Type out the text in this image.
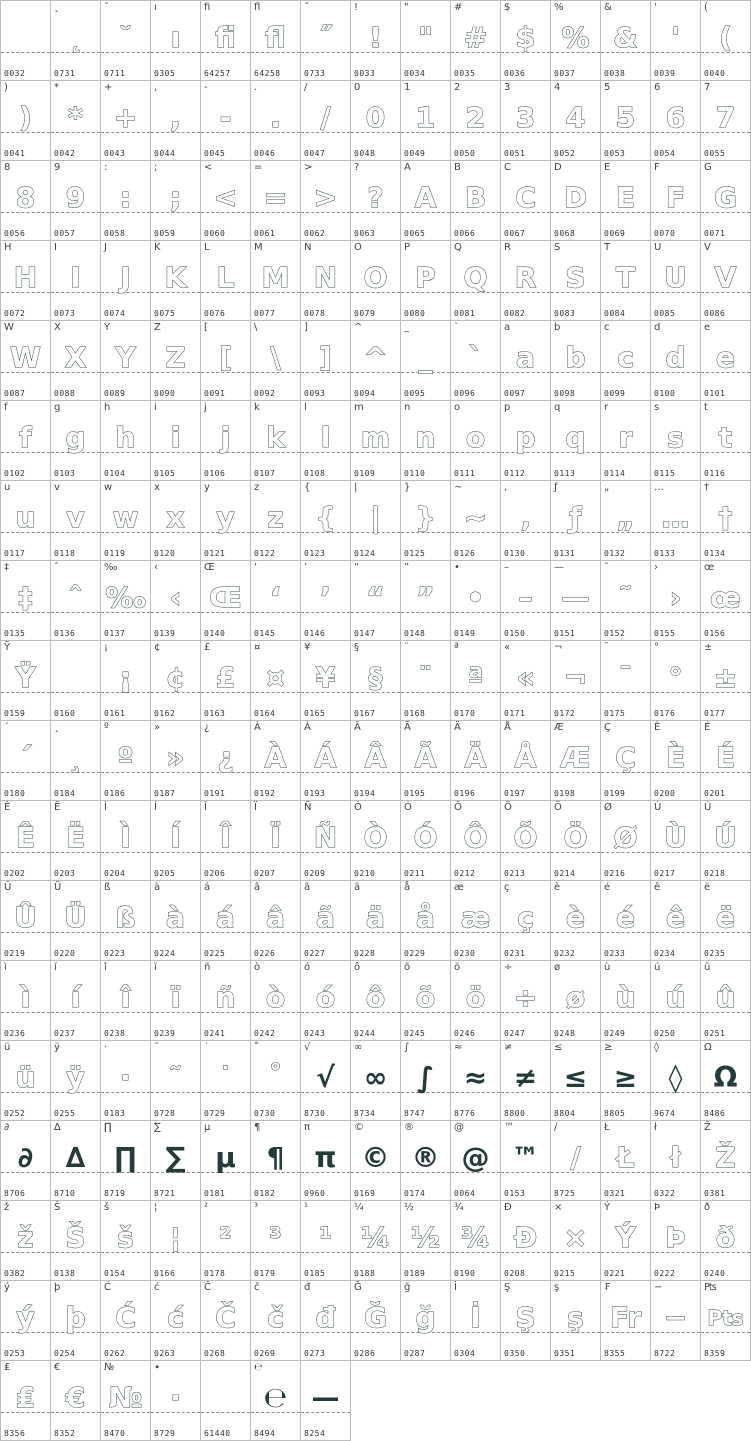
0032
˛
˛
0731
˘
˘
0711
ı
ı
0305
fi
fi
64257
fl
fl
64258
˝
˝
0733
!
!
0033
"
"
0034
#
#
0035
$
$
0036
%
%
0037
&
&
0038
'
'
0039
(
(
0040
)
)
0041
*
*
0042
+
+
0043
,
,
0044
-
-
0045
.
.
0046
/
/
0047
0
0
0048
1
1
0049
2
2
0050
3
3
0051
4
4
0052
5
5
0053
6
6
0054
7
7
0055
8
8
0056
9
9
0057
:
:
0058
;
;
0059
<
<
0060
=
=
0061
>
>
0062
?
?
0063
A
A
0065
B
B
0066
C
C
0067
D
D
0068
E
E
0069
F
F
0070
G
G
0071
H
H
0072
I
I
0073
J
J
0074
K
K
0075
L
L
0076
M
M
0077
N
N
0078
O
O
0079
P
P
0080
Q
Q
0081
R
R
0082
S
S
0083
T
T
0084
U
U
0085
V
V
0086
W
W
0087
X
X
0088
Y
Y
0089
Z
Z
0090
[
[
0091
\
\
0092
]
]
0093
^
^
0094
_
_
0095
`
`
0096
a
a
0097
b
b
0098
c
c
0099
d
d
0100
e
e
0101
f
f
0102
g
g
0103
h
h
0104
i
i
0105
j
j
0106
k
k
0107
l
l
0108
m
m
0109
n
n
0110
o
o
0111
p
p
0112
q
q
0113
r
r
0114
s
s
0115
t
t
0116
u
u
0117
v
v
0118
w
w
0119
x
x
0120
y
y
0121
z
z
0122
{
{
0123
|
|
0124
}
}
0125
~
~
0126
‚
‚
0130
ƒ
ƒ
0131
„
„
0132
…
…
0133
†
†
0134
‡
‡
0135
ˆ
ˆ
0136
‰
‰
0137
‹
‹
0139
Œ
Œ
0140
‘
‘
0145
’
’
0146
“
“
0147
”
”
0148
•
•
0149
–
–
0150
—
—
0151
˜
˜
0152
›
›
0155
œ
œ
0156
Ÿ
Ÿ
0159	0160
¡
¡
0161
¢
¢
0162
£
£
0163
¤
¤
0164
¥
¥
0165
§
§
0167
¨
¨
0168
ª
ª
0170
«
«
0171
¬
¬
0172
¯
¯
0175
°
°
0176
±
±
0177
´
´
0180
¸
¸
0184
º
º
0186
»
»
0187
¿
¿
0191
À
À
0192
Á
Á
0193
Â
Â
0194
Ã
Ã
0195
Ä
Ä
0196
Å
Å
0197
Æ
Æ
0198
Ç
Ç
0199
È
È
0200
É
É
0201
Ê
Ê
0202
Ë
Ë
0203
Ì
Ì
0204
Í
Í
0205
Î
Î
0206
Ï
Ï
0207
Ñ
Ñ
0209
Ò
Ò
0210
Ó
Ó
0211
Ô
Ô
0212
Õ
Õ
0213
Ö
Ö
0214
Ø
Ø
0216
Ù
Ù
0217
Ú
Ú
0218
Û
Û
0219
Ü
Ü
0220
ß
ß
0223
à
à
0224
á
á
0225
â
â
0226
ã
ã
0227
ä
ä
0228
å
å
0229
æ
æ
0230
ç
ç
0231
è
è
0232
é
é
0233
ê
ê
0234
ë
ë
0235
ì
ì
0236
í
í
0237
î
î
0238
ï
ï
0239
ñ
ñ
0241
ò
ò
0242
ó
ó
0243
ô
ô
0244
õ
õ
0245
ö
ö
0246
÷
÷
0247
ø
ø
0248
ù
ù
0249
ú
ú
0250
û
û
0251
ü
ü
0252
ÿ
ÿ
0255
·
·
0183
˜
˜
0728
˙
˙
0729
˚
˚
0730
√
√
8730
∞
∞
8734
∫
∫
8747
≈
≈
8776
≠
≠
8800
≤
≤
8804
≥
≥
8805
◊
◊
9674
Ω
Ω
8486
∂
∂
8706
∆
∆
8710
∏
∏
8719
∑
∑
8721
µ
µ
0181
¶
¶
0182
π
π
0960
©
©
0169
®
®
0174
@
@
0064
™
™
0153
∕
∕
8725
Ł
Ł
0321
ł
ł
0322
Ž
Ž
0381
ž
ž
0382
Š
Š
0138
š
š
0154
¦
¦
0166
²
²
0178
³
³
0179
¹
¹
0185
¼
¼
0188
½
½
0189
¾
¾
0190
Ð
Ð
0208
×
×
0215
Ý
Ý
0221
Þ
Þ
0222
ð
ð
0240
ý
ý
0253
þ
þ
0254
Ć
Ć
0262
ć
ć
0263
Č
Č
0268
č
č
0269
đ
đ
0273
Ğ
Ğ
0286
ğ
ğ
0287
İ
İ
0304
Ş
Ş
0350
ş
ş
0351
₣
Fr
8355
−
−
8722
₧
Pts
8359
₤
₤
8356
€
€
8352
№
№
8470
∙
∙
8729	61440
℮
℮
8494
—
8254
